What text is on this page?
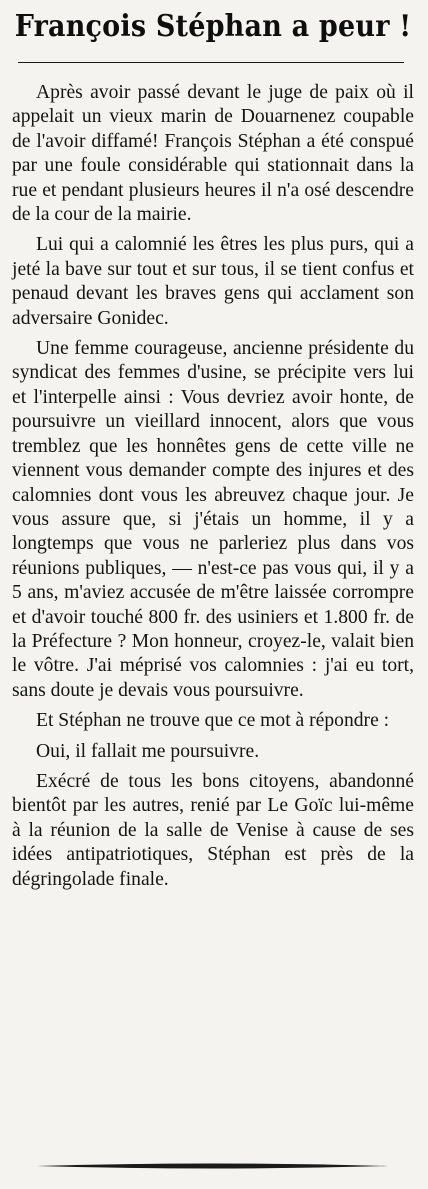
François Stéphan a peur !

Après avoir passé devant le juge de paix où il appelait un vieux marin de Douarnenez coupable de l'avoir diffamé! François Stéphan a été conspué par une foule considérable qui stationnait dans la rue et pendant plusieurs heures il n'a osé descendre de la cour de la mairie.

Lui qui a calomnié les êtres les plus purs, qui a jeté la bave sur tout et sur tous, il se tient confus et penaud devant les braves gens qui acclament son adversaire Gonidec.

Une femme courageuse, ancienne présidente du syndicat des femmes d'usine, se précipite vers lui et l'interpelle ainsi : Vous devriez avoir honte, de poursuivre un vieillard innocent, alors que vous tremblez que les honnêtes gens de cette ville ne viennent vous demander compte des injures et des calomnies dont vous les abreuvez chaque jour. Je vous assure que, si j'étais un homme, il y a longtemps que vous ne parleriez plus dans vos réunions publiques, — n'est-ce pas vous qui, il y a 5 ans, m'aviez accusée de m'être laissée corrompre et d'avoir touché 800 fr. des usiniers et 1.800 fr. de la Préfecture ? Mon honneur, croyez-le, valait bien le vôtre. J'ai méprisé vos calomnies : j'ai eu tort, sans doute je devais vous poursuivre.

Et Stéphan ne trouve que ce mot à répondre :

Oui, il fallait me poursuivre.

Exécré de tous les bons citoyens, abandonné bientôt par les autres, renié par Le Goïc lui-même à la réunion de la salle de Venise à cause de ses idées antipatriotiques, Stéphan est près de la dégringolade finale.
